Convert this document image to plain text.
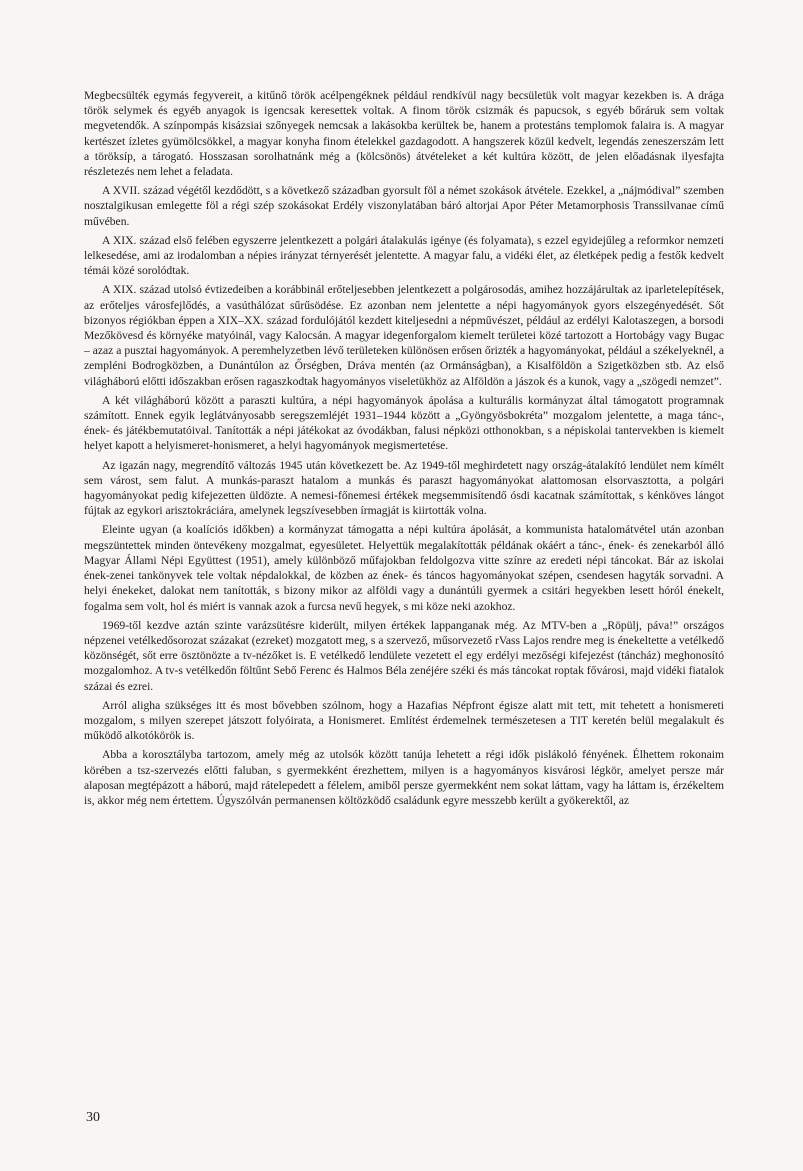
Megbecsülték egymás fegyvereit, a kitűnő török acélpengéknek például rendkívül nagy becsületük volt magyar kezekben is. A drága török selymek és egyéb anyagok is igencsak keresettek voltak. A finom török csizmák és papucsok, s egyéb bőráruk sem voltak megvetendők. A színpompás kisázsiai szőnyegek nemcsak a lakásokba kerültek be, hanem a protestáns templomok falaira is. A magyar kertészet ízletes gyümölcsökkel, a magyar konyha finom ételekkel gazdagodott. A hangszerek közül kedvelt, legendás zeneszerszám lett a töröksíp, a tárogató. Hosszasan sorolhatnánk még a (kölcsönös) átvételeket a két kultúra között, de jelen előadásnak ilyesfajta részletezés nem lehet a feladata.

A XVII. század végétől kezdődött, s a következő században gyorsult föl a német szokások átvétele. Ezekkel, a „nájmódival” szemben nosztalgikusan emlegette föl a régi szép szokásokat Erdély viszonylatában báró altorjai Apor Péter Metamorphosis Transsilvanae című művében.

A XIX. század első felében egyszerre jelentkezett a polgári átalakulás igénye (és folyamata), s ezzel egyidejűleg a reformkor nemzeti lelkesedése, ami az irodalomban a népies irányzat térnyerését jelentette. A magyar falu, a vidéki élet, az életképek pedig a festők kedvelt témái közé sorolódtak.

A XIX. század utolsó évtizedeiben a korábbinál erőteljesebben jelentkezett a polgárosodás, amihez hozzájárultak az iparletelepítések, az erőteljes városfejlődés, a vasúthálózat sűrűsödése. Ez azonban nem jelentette a népi hagyományok gyors elszegényedését. Sőt bizonyos régiókban éppen a XIX–XX. század fordulójától kezdett kiteljesedni a népművészet, például az erdélyi Kalotaszegen, a borsodi Mezőkövesd és környéke matyóinál, vagy Kalocsán. A magyar idegenforgalom kiemelt területei közé tartozott a Hortobágy vagy Bugac – azaz a pusztai hagyományok. A peremhelyzetben lévő területeken különösen erősen őrizték a hagyományokat, például a székelyeknél, a zempléni Bodrogközben, a Dunántúlon az Őrségben, Dráva mentén (az Ormánságban), a Kisalföldön a Szigetközben stb. Az első világháború előtti időszakban erősen ragaszkodtak hagyományos viseletükhöz az Alföldön a jászok és a kunok, vagy a „szögedi nemzet”.

A két világháború között a paraszti kultúra, a népi hagyományok ápolása a kulturális kormányzat által támogatott programnak számított. Ennek egyik leglátványosabb seregszemléjét 1931–1944 között a „Gyöngyösbokréta” mozgalom jelentette, a maga tánc-, ének- és játékbemutatóival. Tanították a népi játékokat az óvodákban, falusi népközi otthonokban, s a népiskolai tantervekben is kiemelt helyet kapott a helyismeret-honismeret, a helyi hagyományok megismertetése.

Az igazán nagy, megrendítő változás 1945 után következett be. Az 1949-től meghirdetett nagy ország-átalakító lendület nem kímélt sem várost, sem falut. A munkás-paraszt hatalom a munkás és paraszt hagyományokat alattomosan elsorvasztotta, a polgári hagyományokat pedig kifejezetten üldözte. A nemesi-főnemesi értékek megsemmisítendő ósdi kacatnak számítottak, s kénköves lángot fújtak az egykori arisztokráciára, amelynek legszívesebben írmagját is kiirtották volna.

Eleinte ugyan (a koalíciós időkben) a kormányzat támogatta a népi kultúra ápolását, a kommunista hatalomátvétel után azonban megszüntettek minden öntevékeny mozgalmat, egyesületet. Helyettük megalakították példának okáért a tánc-, ének- és zenekarból álló Magyar Állami Népi Együttest (1951), amely különböző műfajokban feldolgozva vitte színre az eredeti népi táncokat. Bár az iskolai ének-zenei tankönyvek tele voltak népdalokkal, de közben az ének- és táncos hagyományokat szépen, csendesen hagyták sorvadni. A helyi énekeket, dalokat nem tanították, s bizony mikor az alföldi vagy a dunántúli gyermek a csitári hegyekben lesett hóról énekelt, fogalma sem volt, hol és miért is vannak azok a furcsa nevű hegyek, s mi köze neki azokhoz.

1969-től kezdve aztán szinte varázsütésre kiderült, milyen értékek lappanganak még. Az MTV-ben a „Röpülj, páva!” országos népzenei vetélkedősorozat százakat (ezreket) mozgatott meg, s a szervező, műsorvezető rVass Lajos rendre meg is énekeltette a vetélkedő közönségét, sőt erre ösztönözte a tv-nézőket is. E vetélkedő lendülete vezetett el egy erdélyi mezőségi kifejezést (táncház) meghonosító mozgalomhoz. A tv-s vetélkedőn föltűnt Sebő Ferenc és Halmos Béla zenéjére széki és más táncokat roptak fővárosi, majd vidéki fiatalok százai és ezrei.

Arról aligha szükséges itt és most bővebben szólnom, hogy a Hazafias Népfront égisze alatt mit tett, mit tehetett a honismereti mozgalom, s milyen szerepet játszott folyóirata, a Honismeret. Említést érdemelnek természetesen a TIT keretén belül megalakult és működő alkotókörök is.

Abba a korosztályba tartozom, amely még az utolsók között tanúja lehetett a régi idők pislákoló fényének. Élhettem rokonaim körében a tsz-szervezés előtti faluban, s gyermekként érezhettem, milyen is a hagyományos kisvárosi légkör, amelyet persze már alaposan megtépázott a háború, majd rátelepedett a félelem, amiből persze gyermekként nem sokat láttam, vagy ha láttam is, érzékeltem is, akkor még nem értettem. Úgyszólván permanensen költözködő családunk egyre messzebb került a gyökerektől, az

30
